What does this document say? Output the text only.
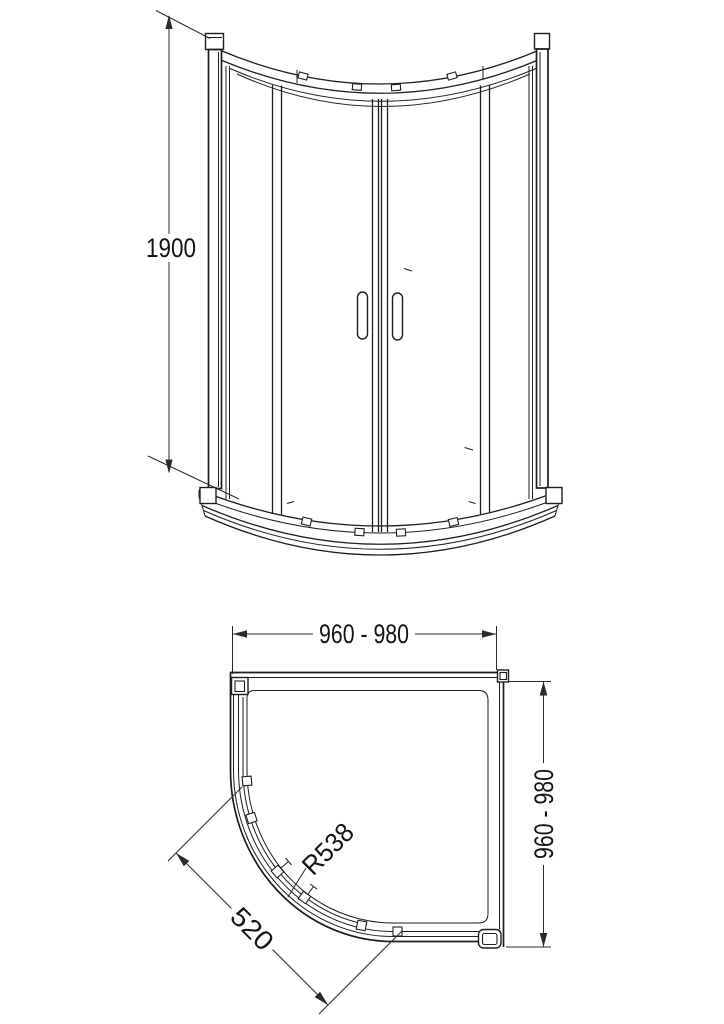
1900
960 - 980
960 - 980
R538
520
